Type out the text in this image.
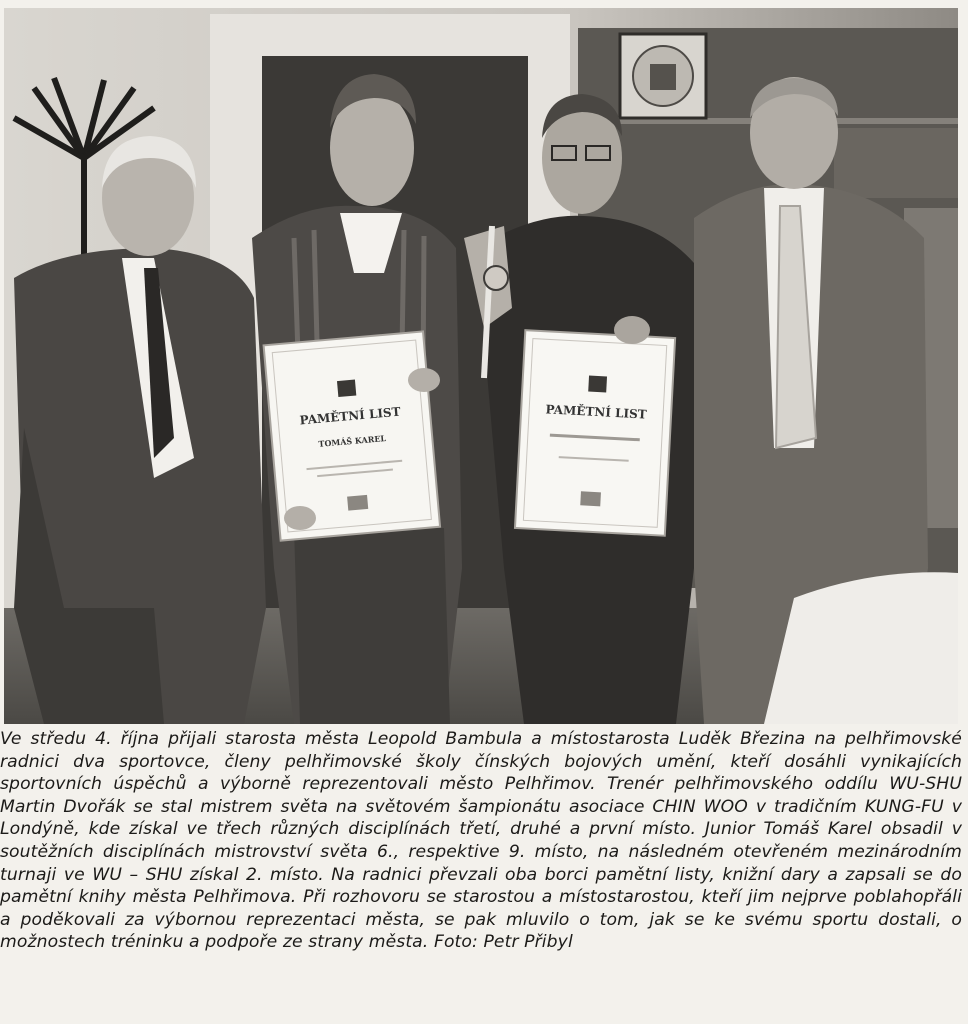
PAMĚTNÍ LIST
TOMÁŠ KAREL
PAMĚTNÍ LIST

Ve středu 4. října přijali starosta města Leopold Bambula a místostarosta Luděk Březina na pelhřimovské radnici dva sportovce, členy pelhřimovské školy čínských bojových umění, kteří dosáhli vynikajících sportovních úspěchů a výborně reprezentovali město Pelhřimov. Trenér pelhřimovského oddílu WU-SHU Martin Dvořák se stal mistrem světa na světovém šampionátu asociace CHIN WOO v tradičním KUNG-FU v Londýně, kde získal ve třech různých disciplínách třetí, druhé a první místo. Junior Tomáš Karel obsadil v soutěžních disciplínách mistrovství světa 6., respektive 9. místo, na následném otevřeném mezinárodním turnaji ve WU – SHU získal 2. místo. Na radnici převzali oba borci pamětní listy, knižní dary a zapsali se do pamětní knihy města Pelhřimova. Při rozhovoru se starostou a místostarostou, kteří jim nejprve poblahopřáli a poděkovali za výbornou reprezentaci města, se pak mluvilo o tom, jak se ke svému sportu dostali, o možnostech tréninku a podpoře ze strany města. Foto: Petr Přibyl
